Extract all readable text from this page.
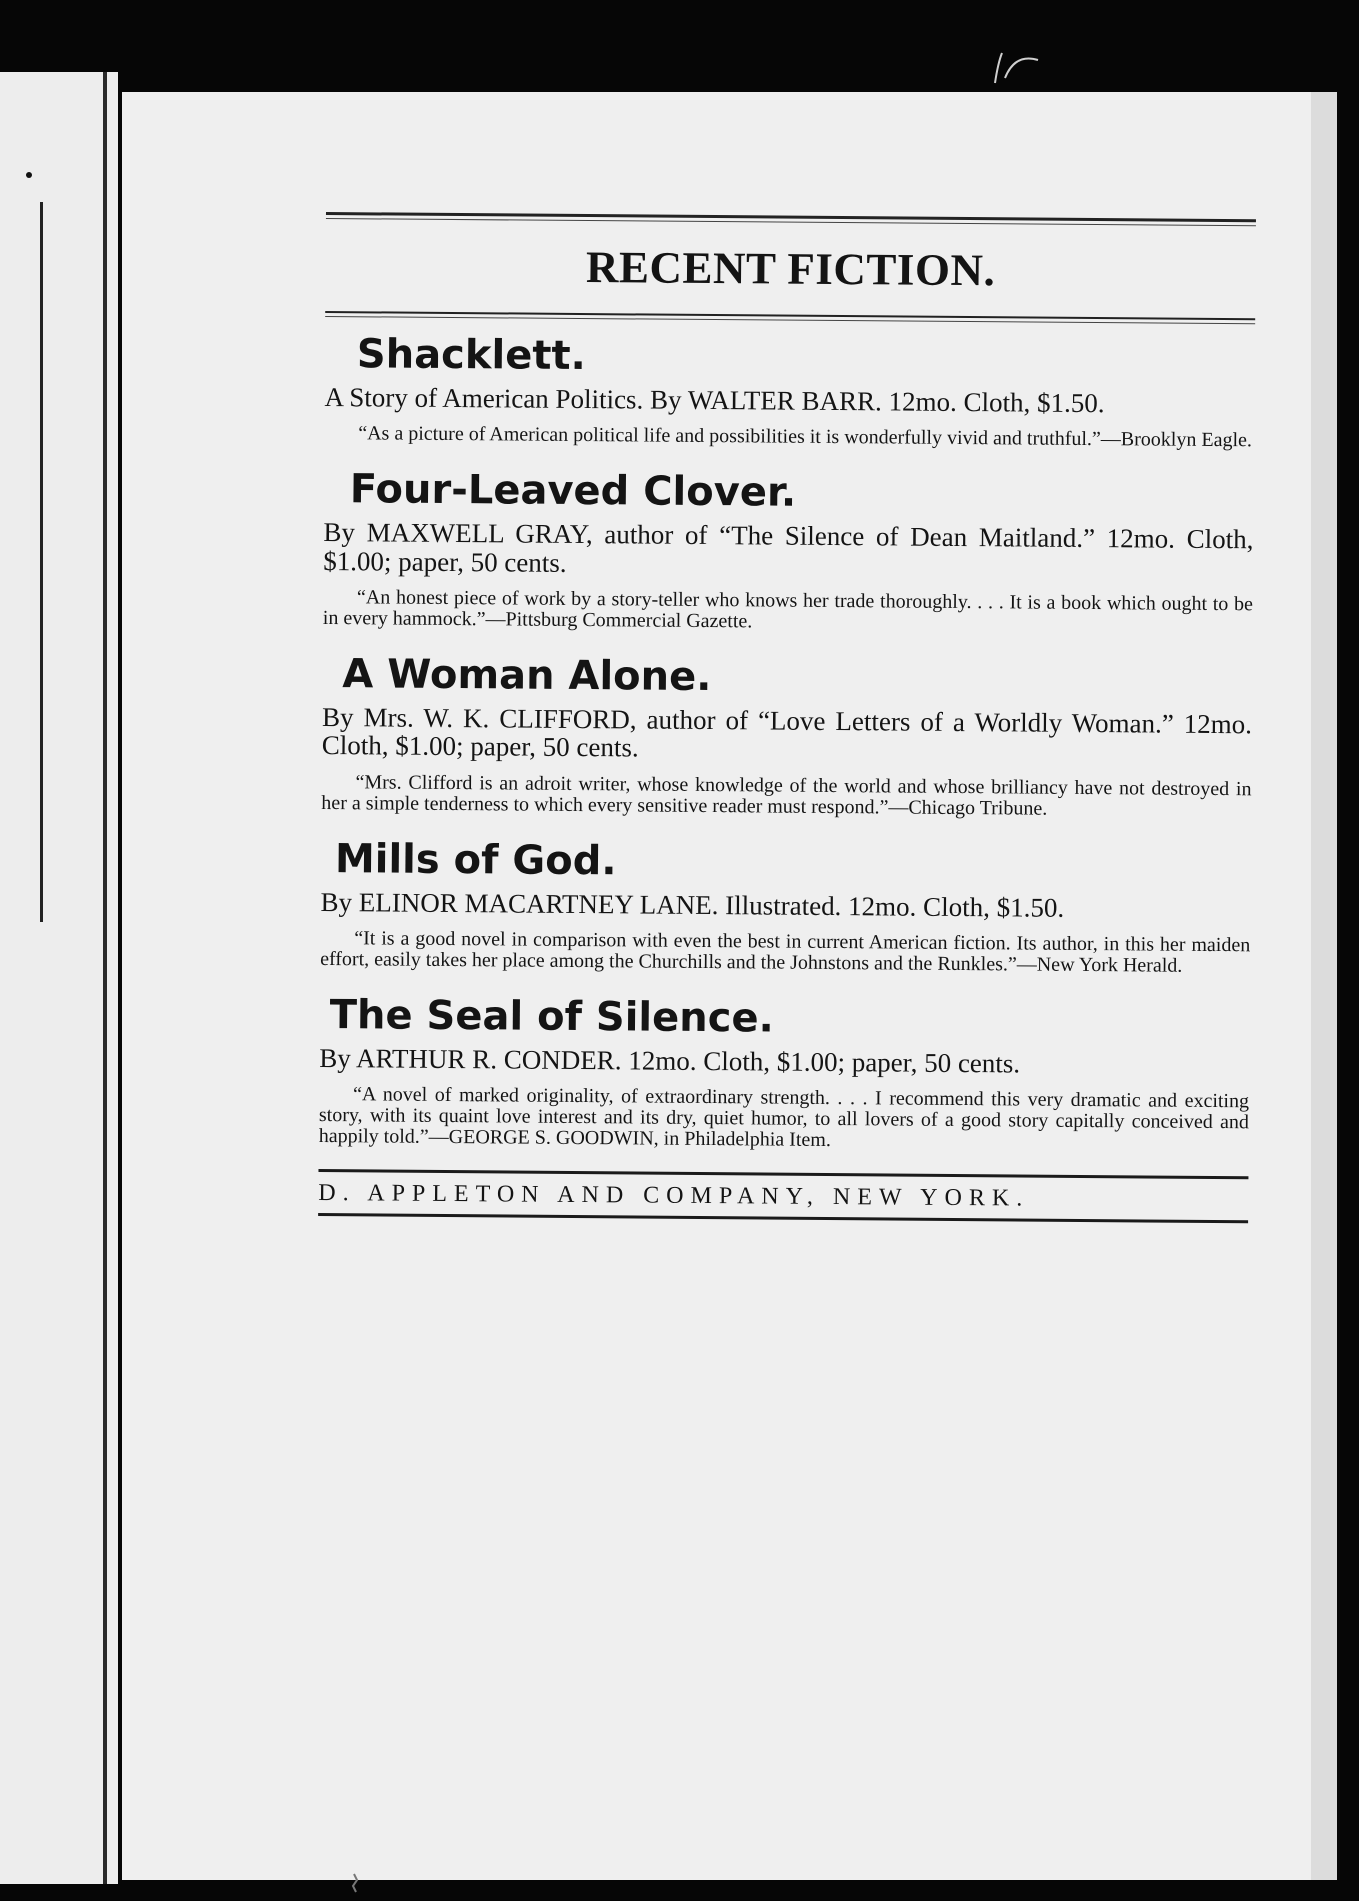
RECENT FICTION.
Shacklett.

A Story of American Politics. By WALTER BARR. 12mo. Cloth, $1.50.

“As a picture of American political life and possibilities it is wonderfully vivid and truthful.”—Brooklyn Eagle.

Four-Leaved Clover.

By MAXWELL GRAY, author of “The Silence of Dean Maitland.” 12mo. Cloth, $1.00; paper, 50 cents.

“An honest piece of work by a story-teller who knows her trade thoroughly. . . . It is a book which ought to be in every hammock.”—Pittsburg Commercial Gazette.

A Woman Alone.

By Mrs. W. K. CLIFFORD, author of “Love Letters of a Worldly Woman.” 12mo. Cloth, $1.00; paper, 50 cents.

“Mrs. Clifford is an adroit writer, whose knowledge of the world and whose brilliancy have not destroyed in her a simple tenderness to which every sensitive reader must respond.”—Chicago Tribune.

Mills of God.

By ELINOR MACARTNEY LANE. Illustrated. 12mo. Cloth, $1.50.

“It is a good novel in comparison with even the best in current American fiction. Its author, in this her maiden effort, easily takes her place among the Churchills and the Johnstons and the Runkles.”—New York Herald.

The Seal of Silence.

By ARTHUR R. CONDER. 12mo. Cloth, $1.00; paper, 50 cents.

“A novel of marked originality, of extraordinary strength. . . . I recommend this very dramatic and exciting story, with its quaint love interest and its dry, quiet humor, to all lovers of a good story capitally conceived and happily told.”—GEORGE S. GOODWIN, in Philadelphia Item.

D. APPLETON AND COMPANY, NEW YORK.
